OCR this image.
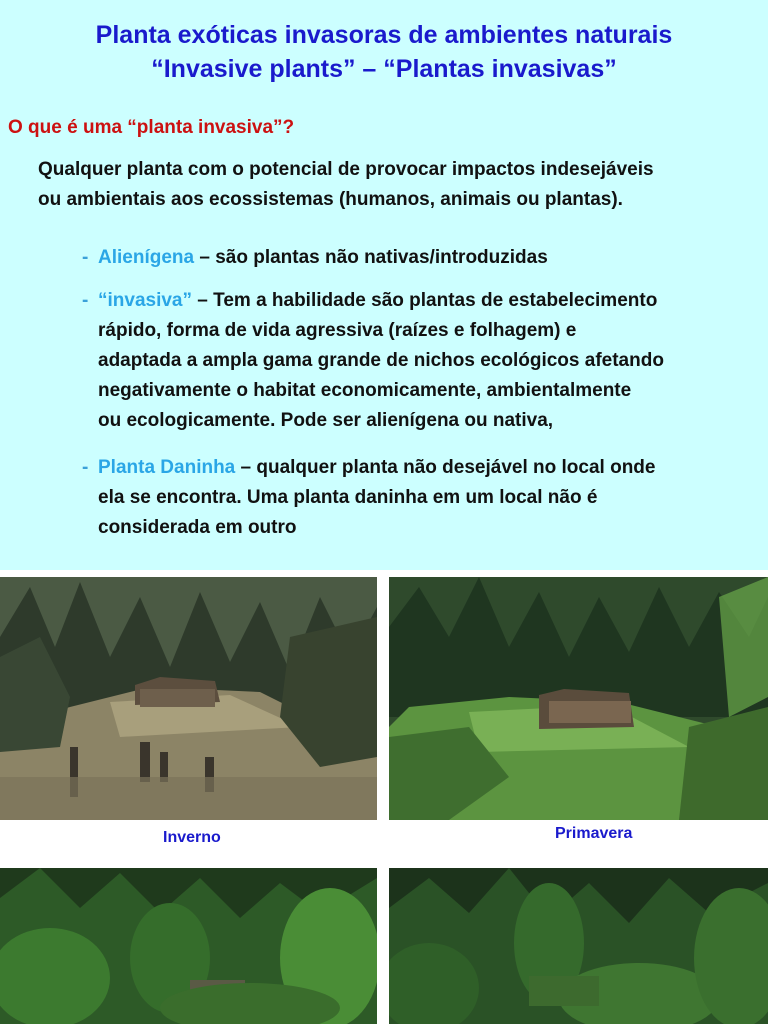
Planta exóticas invasoras de ambientes naturais
“Invasive plants” – “Plantas invasivas”
O que é uma “planta invasiva”?
Qualquer planta com o potencial de provocar impactos indesejáveis
ou ambientais aos ecossistemas (humanos, animais ou plantas).
- Alienígena – são plantas não nativas/introduzidas
- “invasiva” – Tem a habilidade são plantas de estabelecimento
rápido, forma de vida agressiva (raízes e folhagem) e
adaptada a ampla gama grande de nichos ecológicos afetando
negativamente o habitat economicamente, ambientalmente
ou ecologicamente. Pode ser alienígena ou nativa,
- Planta Daninha – qualquer planta não desejável no local onde
ela se encontra. Uma planta daninha em um local não é
considerada em outro
Inverno	Primavera
